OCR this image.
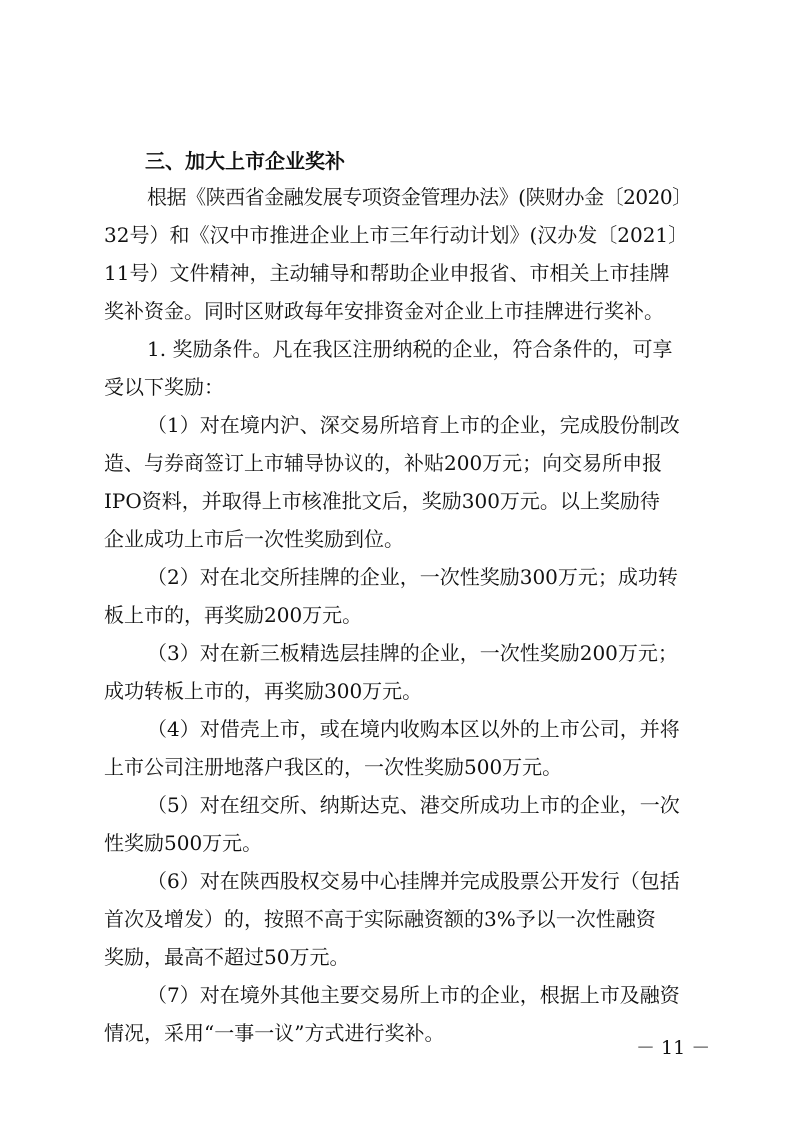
三、加大上市企业奖补
根据《陕西省金融发展专项资金管理办法》(陕财办金〔2020〕
32号）和《汉中市推进企业上市三年行动计划》(汉办发〔2021〕
11号）文件精神，主动辅导和帮助企业申报省、市相关上市挂牌
奖补资金。同时区财政每年安排资金对企业上市挂牌进行奖补。
1. 奖励条件。凡在我区注册纳税的企业，符合条件的，可享
受以下奖励：
（1）对在境内沪、深交易所培育上市的企业，完成股份制改
造、与券商签订上市辅导协议的，补贴200万元；向交易所申报
IPO资料，并取得上市核准批文后，奖励300万元。以上奖励待
企业成功上市后一次性奖励到位。
（2）对在北交所挂牌的企业，一次性奖励300万元；成功转
板上市的，再奖励200万元。
（3）对在新三板精选层挂牌的企业，一次性奖励200万元；
成功转板上市的，再奖励300万元。
（4）对借壳上市，或在境内收购本区以外的上市公司，并将
上市公司注册地落户我区的，一次性奖励500万元。
（5）对在纽交所、纳斯达克、港交所成功上市的企业，一次
性奖励500万元。
（6）对在陕西股权交易中心挂牌并完成股票公开发行（包括
首次及增发）的，按照不高于实际融资额的3%予以一次性融资
奖励，最高不超过50万元。
（7）对在境外其他主要交易所上市的企业，根据上市及融资
情况，采用“一事一议”方式进行奖补。
－ 11 －
